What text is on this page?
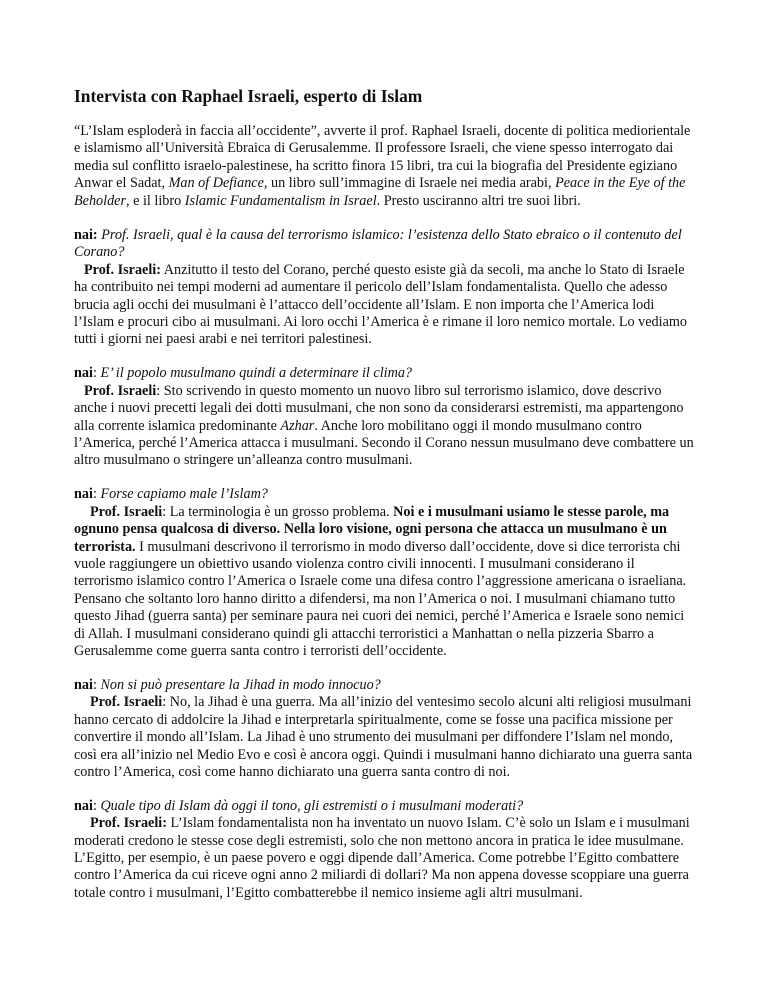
Intervista con Raphael Israeli, esperto di Islam

“L’Islam esploderà in faccia all’occidente”, avverte il prof. Raphael Israeli, docente di politica mediorientale e islamismo all’Università Ebraica di Gerusalemme. Il professore Israeli, che viene spesso interrogato dai media sul conflitto israelo-palestinese, ha scritto finora 15 libri, tra cui la biografia del Presidente egiziano Anwar el Sadat, Man of Defiance, un libro sull’immagine di Israele nei media arabi, Peace in the Eye of the Beholder, e il libro Islamic Fundamentalism in Israel. Presto usciranno altri tre suoi libri.

nai: Prof. Israeli, qual è la causa del terrorismo islamico: l’esistenza dello Stato ebraico o il contenuto del Corano?

Prof. Israeli: Anzitutto il testo del Corano, perché questo esiste già da secoli, ma anche lo Stato di Israele ha contribuito nei tempi moderni ad aumentare il pericolo dell’Islam fondamentalista. Quello che adesso brucia agli occhi dei musulmani è l’attacco dell’occidente all’Islam. E non importa che l’America lodi l’Islam e procuri cibo ai musulmani. Ai loro occhi l’America è e rimane il loro nemico mortale. Lo vediamo tutti i giorni nei paesi arabi e nei territori palestinesi.

nai: E’ il popolo musulmano quindi a determinare il clima?

Prof. Israeli: Sto scrivendo in questo momento un nuovo libro sul terrorismo islamico, dove descrivo anche i nuovi precetti legali dei dotti musulmani, che non sono da considerarsi estremisti, ma appartengono alla corrente islamica predominante Azhar. Anche loro mobilitano oggi il mondo musulmano contro l’America, perché l’America attacca i musulmani. Secondo il Corano nessun musulmano deve combattere un altro musulmano o stringere un’alleanza contro musulmani.

nai: Forse capiamo male l’Islam?

Prof. Israeli: La terminologia è un grosso problema. Noi e i musulmani usiamo le stesse parole, ma ognuno pensa qualcosa di diverso. Nella loro visione, ogni persona che attacca un musulmano è un terrorista. I musulmani descrivono il terrorismo in modo diverso dall’occidente, dove si dice terrorista chi vuole raggiungere un obiettivo usando violenza contro civili innocenti. I musulmani considerano il terrorismo islamico contro l’America o Israele come una difesa contro l’aggressione americana o israeliana. Pensano che soltanto loro hanno diritto a difendersi, ma non l’America o noi. I musulmani chiamano tutto questo Jihad (guerra santa) per seminare paura nei cuori dei nemici, perché l’America e Israele sono nemici di Allah. I musulmani considerano quindi gli attacchi terroristici a Manhattan o nella pizzeria Sbarro a Gerusalemme come guerra santa contro i terroristi dell’occidente.

nai: Non si può presentare la Jihad in modo innocuo?

Prof. Israeli: No, la Jihad è una guerra. Ma all’inizio del ventesimo secolo alcuni alti religiosi musulmani hanno cercato di addolcire la Jihad e interpretarla spiritualmente, come se fosse una pacifica missione per convertire il mondo all’Islam. La Jihad è uno strumento dei musulmani per diffondere l’Islam nel mondo, così era all’inizio nel Medio Evo e così è ancora oggi. Quindi i musulmani hanno dichiarato una guerra santa contro l’America, così come hanno dichiarato una guerra santa contro di noi.

nai: Quale tipo di Islam dà oggi il tono, gli estremisti o i musulmani moderati?

Prof. Israeli: L’Islam fondamentalista non ha inventato un nuovo Islam. C’è solo un Islam e i musulmani moderati credono le stesse cose degli estremisti, solo che non mettono ancora in pratica le idee musulmane. L’Egitto, per esempio, è un paese povero e oggi dipende dall’America. Come potrebbe l’Egitto combattere contro l’America da cui riceve ogni anno 2 miliardi di dollari? Ma non appena dovesse scoppiare una guerra totale contro i musulmani, l’Egitto combatterebbe il nemico insieme agli altri musulmani.
